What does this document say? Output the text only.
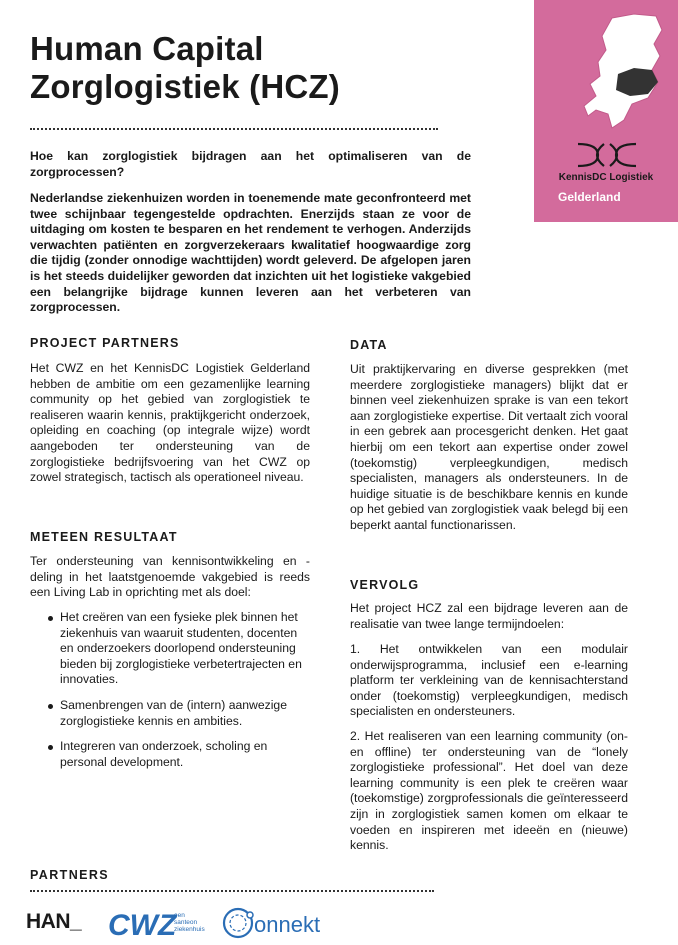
Human Capital
Zorglogistiek (HCZ)
KennisDC Logistiek
Gelderland
Hoe kan zorglogistiek bijdragen aan het optimaliseren van de zorgprocessen?
Nederlandse ziekenhuizen worden in toenemende mate geconfronteerd met twee schijnbaar tegengestelde opdrachten. Enerzijds staan ze voor de uitdaging om kosten te besparen en het rendement te verhogen. Anderzijds verwachten patiënten en zorgverzekeraars kwalitatief hoogwaardige zorg die tijdig (zonder onnodige wachttijden) wordt geleverd. De afgelopen jaren is het steeds duidelijker geworden dat inzichten uit het logistieke vakgebied een belangrijke bijdrage kunnen leveren aan het verbeteren van zorgprocessen.
PROJECT PARTNERS
Het CWZ en het KennisDC Logistiek Gelderland hebben de ambitie om een gezamenlijke learning community op het gebied van zorglogistiek te realiseren waarin kennis, praktijkgericht onderzoek, opleiding en coaching (op integrale wijze) wordt aangeboden ter ondersteuning van de zorglogistieke bedrijfsvoering van het CWZ op zowel strategisch, tactisch als operationeel niveau.
METEEN RESULTAAT
Ter ondersteuning van kennisontwikkeling en -deling in het laatstgenoemde vakgebied is reeds een Living Lab in oprichting met als doel:
Het creëren van een fysieke plek binnen het ziekenhuis van waaruit studenten, docenten en onderzoekers doorlopend ondersteuning bieden bij zorglogistieke verbetertrajecten en innovaties.
Samenbrengen van de (intern) aanwezige zorglogistieke kennis en ambities.
Integreren van onderzoek, scholing en personal development.
DATA
Uit praktijkervaring en diverse gesprekken (met meerdere zorglogistieke managers) blijkt dat er binnen veel ziekenhuizen sprake is van een tekort aan zorglogistieke expertise. Dit vertaalt zich vooral in een gebrek aan procesgericht denken. Het gaat hierbij om een tekort aan expertise onder zowel (toekomstig) verpleegkundigen, medisch specialisten, managers als ondersteuners. In de huidige situatie is de beschikbare kennis en kunde op het gebied van zorglogistiek vaak belegd bij een beperkt aantal functionarissen.
VERVOLG
Het project HCZ zal een bijdrage leveren aan de realisatie van twee lange termijndoelen:
1. Het ontwikkelen van een modulair onderwijsprogramma, inclusief een e-learning platform ter verkleining van de kennisachterstand onder (toekomstig) verpleegkundigen, medisch specialisten en ondersteuners.
2. Het realiseren van een learning community (on- en offline) ter ondersteuning van de “lonely zorglogistieke professional”. Het doel van deze learning community is een plek te creëren waar (toekomstige) zorgprofessionals die geïnteresseerd zijn in zorglogistiek samen komen om elkaar te voeden en inspireren met ideeën en (nieuwe) kennis.
PARTNERS
HAN_ CWZ
een
santeon
ziekenhuis onnekt
